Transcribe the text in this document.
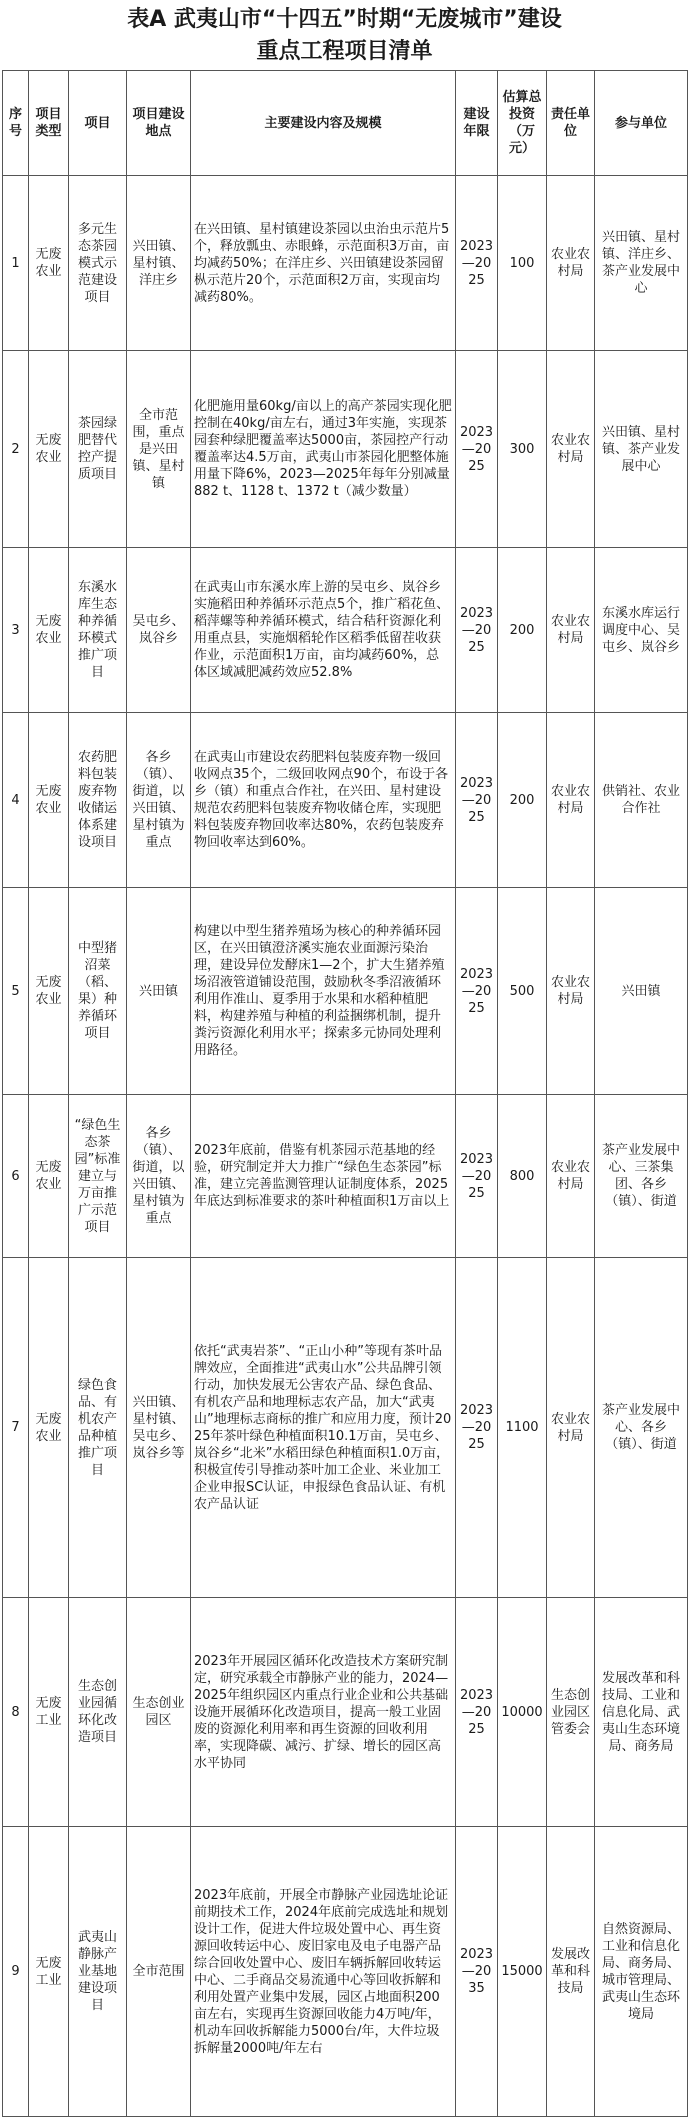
表A 武夷山市“十四五”时期“无废城市”建设
重点工程项目清单
序号	项目类型	项目	项目建设地点	主要建设内容及规模	建设年限	估算总投资（万元）	责任单位	参与单位
1	无废农业	多元生态茶园模式示范建设项目	兴田镇、星村镇、洋庄乡	在兴田镇、星村镇建设茶园以虫治虫示范片5个，释放瓢虫、赤眼蜂，示范面积3万亩，亩均减药50%；在洋庄乡、兴田镇建设茶园留枞示范片20个，示范面积2万亩，实现亩均减药80%。	2023—2025	100	农业农村局	兴田镇、星村镇、洋庄乡、茶产业发展中心
2	无废农业	茶园绿肥替代控产提质项目	全市范围，重点是兴田镇、星村镇	化肥施用量60kg/亩以上的高产茶园实现化肥控制在40kg/亩左右，通过3年实施，实现茶园套种绿肥覆盖率达5000亩，茶园控产行动覆盖率达4.5万亩，武夷山市茶园化肥整体施用量下降6%，2023—2025年每年分别减量882 t、1128 t、1372 t（减少数量）	2023—2025	300	农业农村局	兴田镇、星村镇、茶产业发展中心
3	无废农业	东溪水库生态种养循环模式推广项目	吴屯乡、岚谷乡	在武夷山市东溪水库上游的吴屯乡、岚谷乡实施稻田种养循环示范点5个，推广稻花鱼、稻萍螺等种养循环模式，结合秸秆资源化利用重点县，实施烟稻轮作区稻季低留茬收获作业，示范面积1万亩，亩均减药60%，总体区域减肥减药效应52.8%	2023—2025	200	农业农村局	东溪水库运行调度中心、吴屯乡、岚谷乡
4	无废农业	农药肥料包装废弃物收储运体系建设项目	各乡（镇）、街道，以兴田镇、星村镇为重点	在武夷山市建设农药肥料包装废弃物一级回收网点35个，二级回收网点90个，布设于各乡（镇）和重点合作社，在兴田、星村建设规范农药肥料包装废弃物收储仓库，实现肥料包装废弃物回收率达80%，农药包装废弃物回收率达到60%。	2023—2025	200	农业农村局	供销社、农业合作社
5	无废农业	中型猪沼菜（稻、果）种养循环项目	兴田镇	构建以中型生猪养殖场为核心的种养循环园区，在兴田镇澄济溪实施农业面源污染治理，建设异位发酵床1—2个，扩大生猪养殖场沼液管道铺设范围，鼓励秋冬季沼液循环利用作准山、夏季用于水果和水稻种植肥料，构建养殖与种植的利益捆绑机制，提升粪污资源化利用水平；探索多元协同处理利用路径。	2023—2025	500	农业农村局	兴田镇
6	无废农业	“绿色生态茶园”标准建立与万亩推广示范项目	各乡（镇）、街道，以兴田镇、星村镇为重点	2023年底前，借鉴有机茶园示范基地的经验，研究制定并大力推广“绿色生态茶园”标准，建立完善监测管理认证制度体系，2025年底达到标准要求的茶叶种植面积1万亩以上	2023—2025	800	农业农村局	茶产业发展中心、三茶集团、各乡（镇）、街道
7	无废农业	绿色食品、有机农产品种植推广项目	兴田镇、星村镇、吴屯乡、岚谷乡等	依托“武夷岩茶”、“正山小种”等现有茶叶品牌效应，全面推进“武夷山水”公共品牌引领行动，加快发展无公害农产品、绿色食品、有机农产品和地理标志农产品，加大“武夷山”地理标志商标的推广和应用力度，预计2025年茶叶绿色种植面积10.1万亩，吴屯乡、岚谷乡“北米”水稻田绿色种植面积1.0万亩，积极宣传引导推动茶叶加工企业、米业加工企业申报SC认证，申报绿色食品认证、有机农产品认证	2023—2025	1100	农业农村局	茶产业发展中心、各乡（镇）、街道
8	无废工业	生态创业园循环化改造项目	生态创业园区	2023年开展园区循环化改造技术方案研究制定，研究承载全市静脉产业的能力，2024—2025年组织园区内重点行业企业和公共基础设施开展循环化改造项目，提高一般工业固废的资源化利用率和再生资源的回收利用率，实现降碳、减污、扩绿、增长的园区高水平协同	2023—2025	10000	生态创业园区管委会	发展改革和科技局、工业和信息化局、武夷山生态环境局、商务局
9	无废工业	武夷山静脉产业基地建设项目	全市范围	2023年底前，开展全市静脉产业园选址论证前期技术工作，2024年底前完成选址和规划设计工作，促进大件垃圾处置中心、再生资源回收转运中心、废旧家电及电子电器产品综合回收处置中心、废旧车辆拆解回收转运中心、二手商品交易流通中心等回收拆解和利用处置产业集中发展，园区占地面积200亩左右，实现再生资源回收能力4万吨/年，机动车回收拆解能力5000台/年，大件垃圾拆解量2000吨/年左右	2023—2035	15000	发展改革和科技局	自然资源局、工业和信息化局、商务局、城市管理局、武夷山生态环境局
